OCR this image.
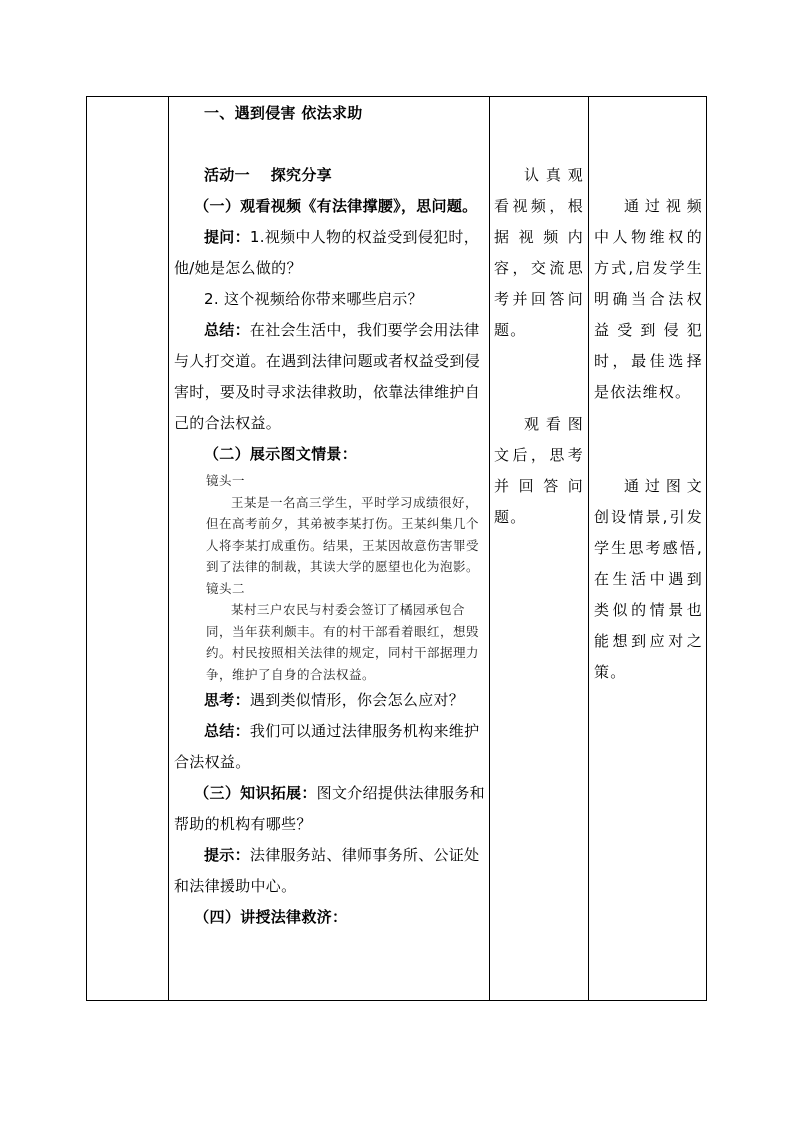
一、遇到侵害 依法求助

活动一　 探究分享

（一）观看视频《有法律撑腰》，思问题。

提问：1.视频中人物的权益受到侵犯时，他/她是怎么做的？

2. 这个视频给你带来哪些启示？

总结：在社会生活中，我们要学会用法律与人打交道。在遇到法律问题或者权益受到侵害时，要及时寻求法律救助，依靠法律维护自己的合法权益。

（二）展示图文情景：

镜头一

王某是一名高三学生，平时学习成绩很好，但在高考前夕，其弟被李某打伤。王某纠集几个人将李某打成重伤。结果，王某因故意伤害罪受到了法律的制裁，其读大学的愿望也化为泡影。

镜头二

某村三户农民与村委会签订了橘园承包合同，当年获利颇丰。有的村干部看着眼红，想毁约。村民按照相关法律的规定，同村干部据理力争，维护了自身的合法权益。

思考：遇到类似情形，你会怎么应对？

总结：我们可以通过法律服务机构来维护合法权益。

（三）知识拓展：图文介绍提供法律服务和帮助的机构有哪些？

提示：法律服务站、律师事务所、公证处和法律援助中心。

（四）讲授法律救济：

认真观看视频，根据视频内容，交流思考并回答问题。

观看图文后，思考并回答问题。

通过视频中人物维权的方式,启发学生明确当合法权益受到侵犯时，最佳选择是依法维权。

通过图文创设情景,引发学生思考感悟,在生活中遇到类似的情景也能想到应对之策。
